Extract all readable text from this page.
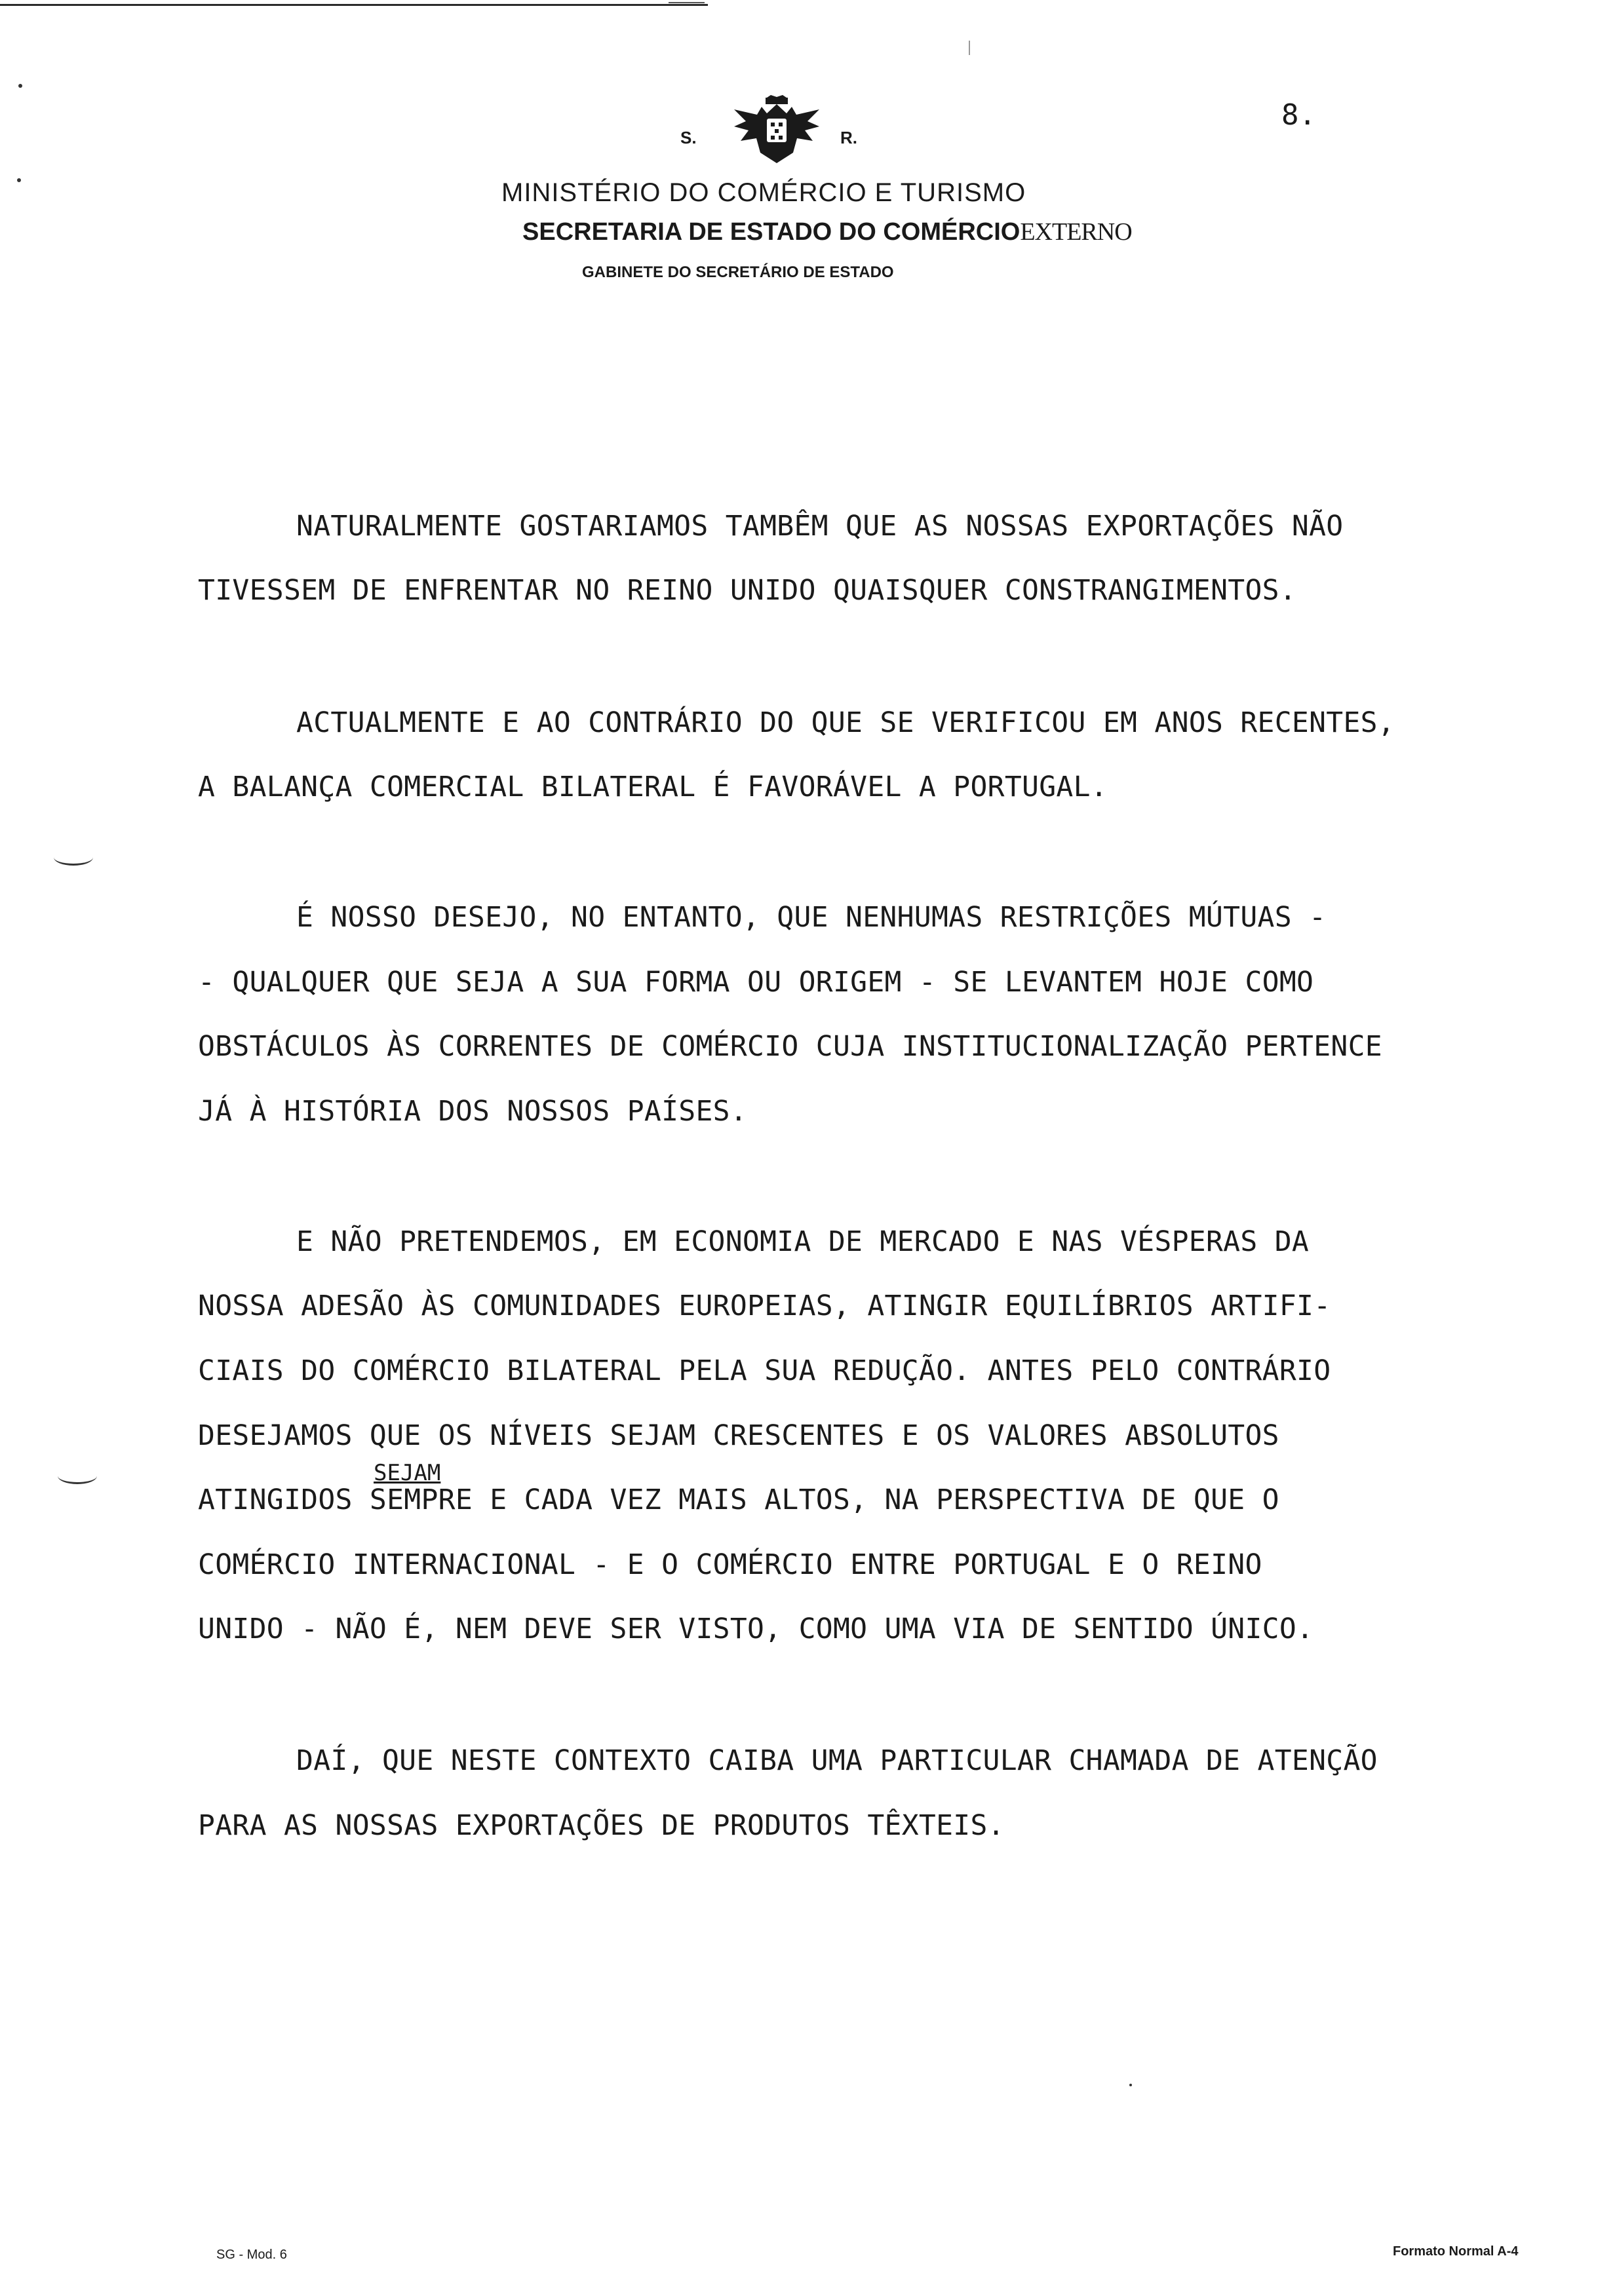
8.
S.	R.
MINISTÉRIO DO COMÉRCIO E TURISMO
SECRETARIA DE ESTADO DO COMÉRCIOEXTERNO
GABINETE DO SECRETÁRIO DE ESTADO
NATURALMENTE GOSTARIAMOS TAMBÊM QUE AS NOSSAS EXPORTAÇÕES NÃO
TIVESSEM DE ENFRENTAR NO REINO UNIDO QUAISQUER CONSTRANGIMENTOS.
ACTUALMENTE E AO CONTRÁRIO DO QUE SE VERIFICOU EM ANOS RECENTES,
A BALANÇA COMERCIAL BILATERAL É FAVORÁVEL A PORTUGAL.
É NOSSO DESEJO, NO ENTANTO, QUE NENHUMAS RESTRIÇÕES MÚTUAS -
- QUALQUER QUE SEJA A SUA FORMA OU ORIGEM - SE LEVANTEM HOJE COMO
OBSTÁCULOS ÀS CORRENTES DE COMÉRCIO CUJA INSTITUCIONALIZAÇÃO PERTENCE
JÁ À HISTÓRIA DOS NOSSOS PAÍSES.
E NÃO PRETENDEMOS, EM ECONOMIA DE MERCADO E NAS VÉSPERAS DA
NOSSA ADESÃO ÀS COMUNIDADES EUROPEIAS, ATINGIR EQUILÍBRIOS ARTIFI-
CIAIS DO COMÉRCIO BILATERAL PELA SUA REDUÇÃO. ANTES PELO CONTRÁRIO
DESEJAMOS QUE OS NÍVEIS SEJAM CRESCENTES E OS VALORES ABSOLUTOS
SEJAM
ATINGIDOS SEMPRE E CADA VEZ MAIS ALTOS, NA PERSPECTIVA DE QUE O
COMÉRCIO INTERNACIONAL - E O COMÉRCIO ENTRE PORTUGAL E O REINO
UNIDO - NÃO É, NEM DEVE SER VISTO, COMO UMA VIA DE SENTIDO ÚNICO.
DAÍ, QUE NESTE CONTEXTO CAIBA UMA PARTICULAR CHAMADA DE ATENÇÃO
PARA AS NOSSAS EXPORTAÇÕES DE PRODUTOS TÊXTEIS.
SG - Mod. 6	Formato Normal A-4
